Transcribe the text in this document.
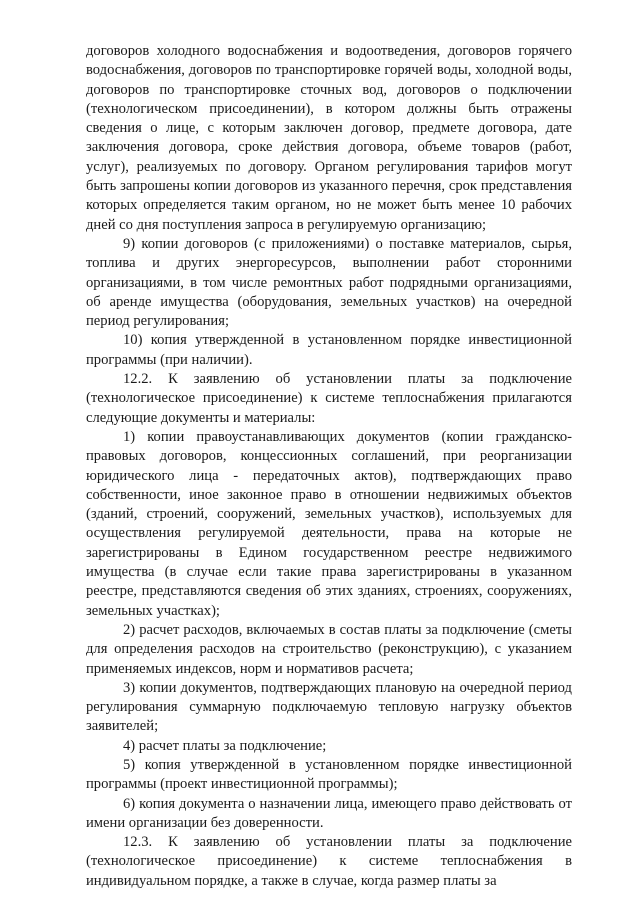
договоров холодного водоснабжения и водоотведения, договоров горячего водоснабжения, договоров по транспортировке горячей воды, холодной воды, договоров по транспортировке сточных вод, договоров о подключении (технологическом присоединении), в котором должны быть отражены сведения о лице, с которым заключен договор, предмете договора, дате заключения договора, сроке действия договора, объеме товаров (работ, услуг), реализуемых по договору. Органом регулирования тарифов могут быть запрошены копии договоров из указанного перечня, срок представления которых определяется таким органом, но не может быть менее 10 рабочих дней со дня поступления запроса в регулируемую организацию;

9) копии договоров (с приложениями) о поставке материалов, сырья, топлива и других энергоресурсов, выполнении работ сторонними организациями, в том числе ремонтных работ подрядными организациями, об аренде имущества (оборудования, земельных участков) на очередной период регулирования;

10) копия утвержденной в установленном порядке инвестиционной программы (при наличии).

12.2. К заявлению об установлении платы за подключение (технологическое присоединение) к системе теплоснабжения прилагаются следующие документы и материалы:

1) копии правоустанавливающих документов (копии гражданско-правовых договоров, концессионных соглашений, при реорганизации юридического лица - передаточных актов), подтверждающих право собственности, иное законное право в отношении недвижимых объектов (зданий, строений, сооружений, земельных участков), используемых для осуществления регулируемой деятельности, права на которые не зарегистрированы в Едином государственном реестре недвижимого имущества (в случае если такие права зарегистрированы в указанном реестре, представляются сведения об этих зданиях, строениях, сооружениях, земельных участках);

2) расчет расходов, включаемых в состав платы за подключение (сметы для определения расходов на строительство (реконструкцию), с указанием применяемых индексов, норм и нормативов расчета;

3) копии документов, подтверждающих плановую на очередной период регулирования суммарную подключаемую тепловую нагрузку объектов заявителей;

4) расчет платы за подключение;

5) копия утвержденной в установленном порядке инвестиционной программы (проект инвестиционной программы);

6) копия документа о назначении лица, имеющего право действовать от имени организации без доверенности.

12.3. К заявлению об установлении платы за подключение (технологическое присоединение) к системе теплоснабжения в индивидуальном порядке, а также в случае, когда размер платы за
